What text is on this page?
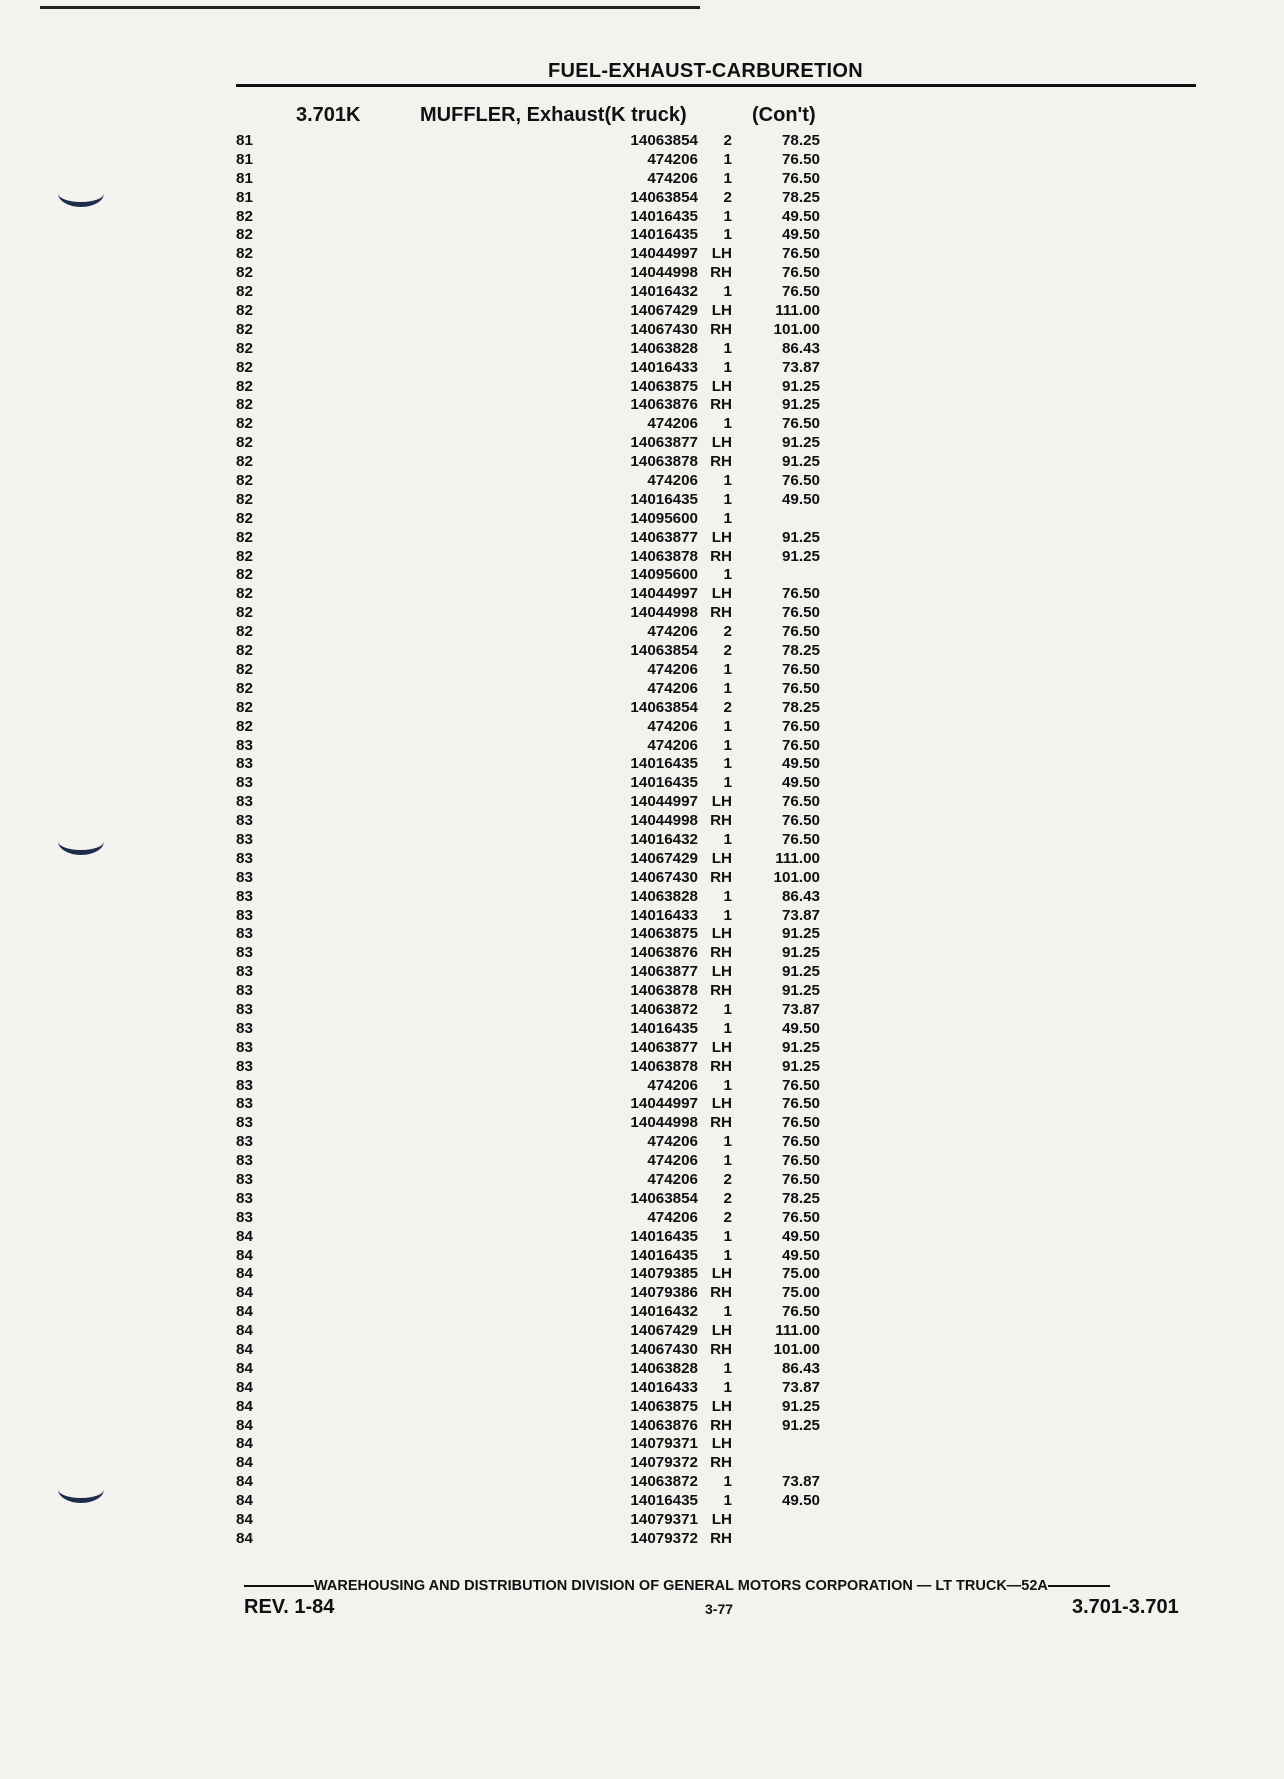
FUEL-EXHAUST-CARBURETION
3.701K	MUFFLER, Exhaust(K truck)	(Con't)
81	14063854	2	78.25
81	474206	1	76.50
81	474206	1	76.50
81	14063854	2	78.25
82	14016435	1	49.50
82	14016435	1	49.50
82	14044997 LH	76.50
82	14044998 RH	76.50
82	14016432	1	76.50
82	14067429 LH	111.00
82	14067430 RH	101.00
82	14063828	1	86.43
82	14016433	1	73.87
82	14063875 LH	91.25
82	14063876 RH	91.25
82	474206	1	76.50
82	14063877 LH	91.25
82	14063878 RH	91.25
82	474206	1	76.50
82	14016435	1	49.50
82	14095600	1
82	14063877 LH	91.25
82	14063878 RH	91.25
82	14095600	1
82	14044997 LH	76.50
82	14044998 RH	76.50
82	474206	2	76.50
82	14063854	2	78.25
82	474206	1	76.50
82	474206	1	76.50
82	14063854	2	78.25
82	474206	1	76.50
83	474206	1	76.50
83	14016435	1	49.50
83	14016435	1	49.50
83	14044997 LH	76.50
83	14044998 RH	76.50
83	14016432	1	76.50
83	14067429 LH	111.00
83	14067430 RH	101.00
83	14063828	1	86.43
83	14016433	1	73.87
83	14063875 LH	91.25
83	14063876 RH	91.25
83	14063877 LH	91.25
83	14063878 RH	91.25
83	14063872	1	73.87
83	14016435	1	49.50
83	14063877 LH	91.25
83	14063878 RH	91.25
83	474206	1	76.50
83	14044997 LH	76.50
83	14044998 RH	76.50
83	474206	1	76.50
83	474206	1	76.50
83	474206	2	76.50
83	14063854	2	78.25
83	474206	2	76.50
84	14016435	1	49.50
84	14016435	1	49.50
84	14079385 LH	75.00
84	14079386 RH	75.00
84	14016432	1	76.50
84	14067429 LH	111.00
84	14067430 RH	101.00
84	14063828	1	86.43
84	14016433	1	73.87
84	14063875 LH	91.25
84	14063876 RH	91.25
84	14079371 LH
84	14079372 RH
84	14063872	1	73.87
84	14016435	1	49.50
84	14079371 LH
84	14079372 RH
WAREHOUSING AND DISTRIBUTION DIVISION OF GENERAL MOTORS CORPORATION — LT TRUCK—52A
REV. 1-84	3-77	3.701-3.701
